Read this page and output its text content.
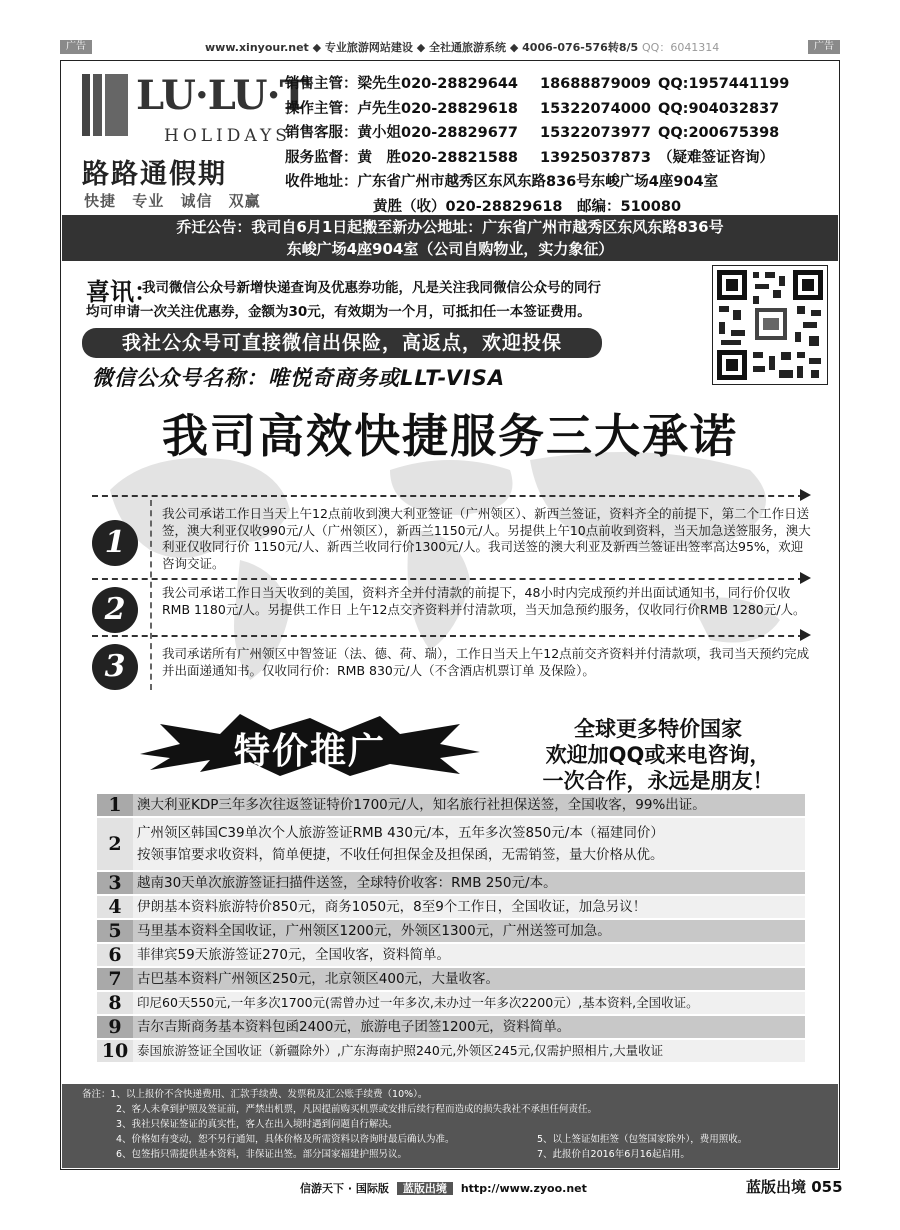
广告	www.xinyour.net ◆ 专业旅游网站建设 ◆ 全社通旅游系统 ◆ 4006-076-576转8/5 QQ：6041314	广告
LU·LU·T
HOLIDAYS
路路通假期
快捷 专业 诚信 双赢
销售主管：梁先生020-28829644 18688879009 QQ:1957441199
操作主管：卢先生020-28829618 15322074000 QQ:904032837
销售客服：黄小姐020-28829677 15322073977 QQ:200675398
服务监督：黄　胜020-28821588 13925037873 （疑难签证咨询）
收件地址：广东省广州市越秀区东风东路836号东峻广场4座904室
黄胜（收）020-28829618　邮编：510080
乔迁公告：我司自6月1日起搬至新办公地址：广东省广州市越秀区东风东路836号
东峻广场4座904室（公司自购物业，实力象征）
喜讯：
我司微信公众号新增快递查询及优惠券功能，凡是关注我同微信公众号的同行
均可申请一次关注优惠券，金额为30元，有效期为一个月，可抵扣任一本签证费用。
我社公众号可直接微信出保险，高返点，欢迎投保
微信公众号名称：唯悦奇商务或LLT-VISA
我司高效快捷服务三大承诺
1
我公司承诺工作日当天上午12点前收到澳大利亚签证（广州领区）、新西兰签证，资料齐全的前提下，第二个工作日送签，澳大利亚仅收990元/人（广州领区），新西兰1150元/人。另提供上午10点前收到资料，当天加急送签服务，澳大利亚仅收同行价 1150元/人、新西兰收同行价1300元/人。我司送签的澳大利亚及新西兰签证出签率高达95%，欢迎咨询交证。
2	我公司承诺工作日当天收到的美国，资料齐全并付清款的前提下，48小时内完成预约并出面试通知书，同行价仅收RMB 1180元/人。另提供工作日 上午12点交齐资料并付清款项，当天加急预约服务，仅收同行价RMB 1280元/人。
3	我司承诺所有广州领区中智签证（法、德、荷、瑞），工作日当天上午12点前交齐资料并付清款项，我司当天预约完成并出面递通知书。仅收同行价：RMB 830元/人（不含酒店机票订单 及保险）。
特价推广
全球更多特价国家
欢迎加QQ或来电咨询，
一次合作，永远是朋友！
1	澳大利亚KDP三年多次往返签证特价1700元/人，知名旅行社担保送签，全国收客，99%出证。
2	广州领区韩国C39单次个人旅游签证RMB 430元/本，五年多次签850元/本（福建同价）
按领事馆要求收资料，简单便捷，不收任何担保金及担保函，无需销签，量大价格从优。
3	越南30天单次旅游签证扫描件送签，全球特价收客：RMB 250元/本。
4	伊朗基本资料旅游特价850元，商务1050元，8至9个工作日，全国收证，加急另议！
5	马里基本资料全国收证，广州领区1200元，外领区1300元，广州送签可加急。
6	菲律宾59天旅游签证270元，全国收客，资料简单。
7	古巴基本资料广州领区250元，北京领区400元，大量收客。
8	印尼60天550元,一年多次1700元(需曾办过一年多次,未办过一年多次2200元）,基本资料,全国收证。
9	吉尔吉斯商务基本资料包函2400元，旅游电子团签1200元，资料简单。
10 泰国旅游签证全国收证（新疆除外）,广东海南护照240元,外领区245元,仅需护照相片,大量收证
备注：1、以上报价不含快递费用、汇款手续费、发票税及汇公账手续费（10%）。
2、客人未拿到护照及签证前，严禁出机票，凡因提前购买机票或安排后续行程而造成的损失我社不承担任何责任。
3、我社只保证签证的真实性，客人在出入境时遇到问题自行解决。
4、价格如有变动，恕不另行通知，具体价格及所需资料以咨询时最后确认为准。	5、以上签证如拒签（包签国家除外），费用照收。
6、包签指只需提供基本资料，非保证出签。部分国家福建护照另议。	7、此报价自2016年6月16起启用。
信游天下 · 国际版 蓝版出境 http://www.zyoo.net	蓝版出境 055
